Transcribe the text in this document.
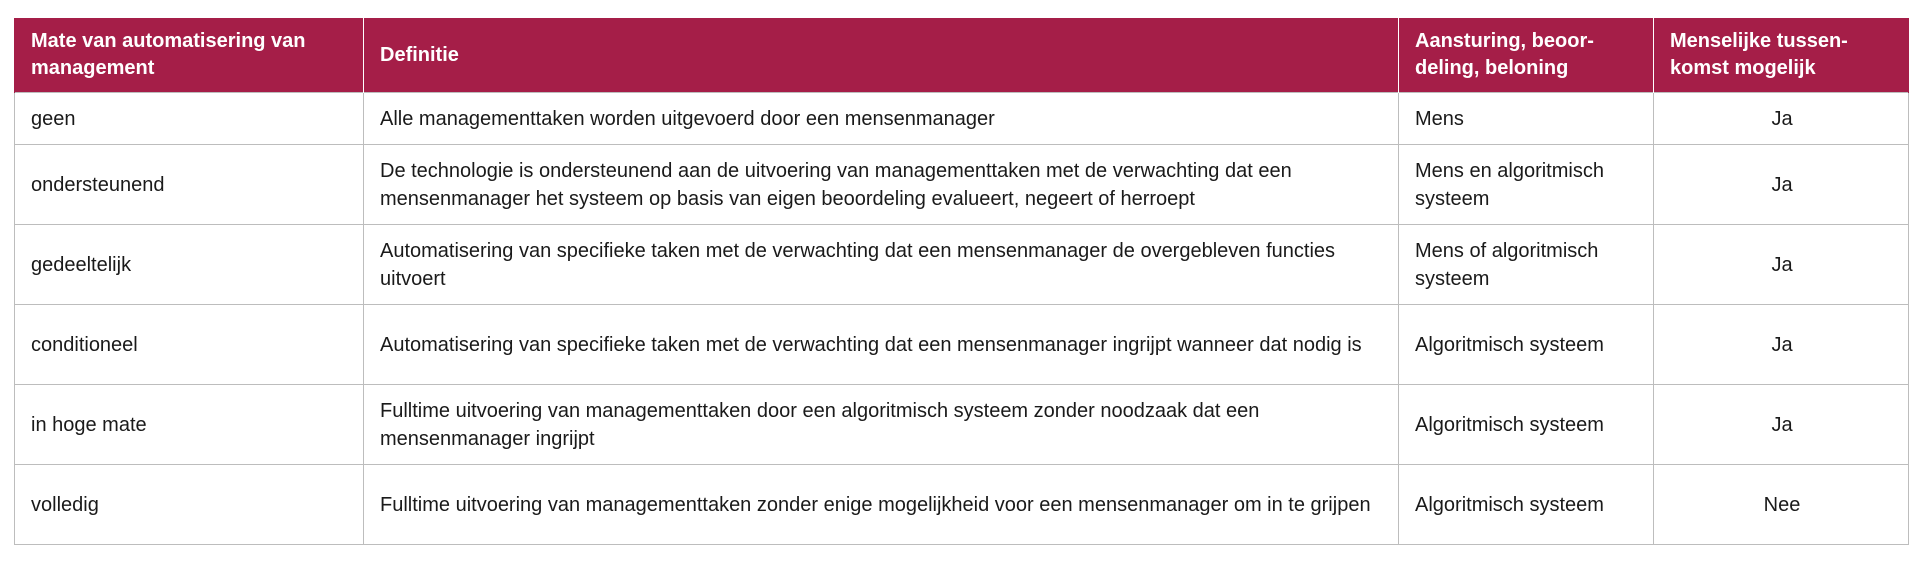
Mate van automatisering van management	Definitie	Aansturing, beoor- deling, beloning	Menselijke tussen- komst mogelijk
geen	Alle managementtaken worden uitgevoerd door een mensenmanager	Mens	Ja
ondersteunend	De technologie is ondersteunend aan de uitvoering van managementtaken met de verwachting dat een mensenmanager het systeem op basis van eigen beoordeling evalueert, negeert of herroept	Mens en algoritmisch systeem	Ja
gedeeltelijk	Automatisering van specifieke taken met de verwachting dat een mensenmanager de overgebleven functies uitvoert	Mens of algoritmisch systeem	Ja
conditioneel	Automatisering van specifieke taken met de verwachting dat een mensenmanager ingrijpt wanneer dat nodig is	Algoritmisch systeem	Ja
in hoge mate	Fulltime uitvoering van managementtaken door een algoritmisch systeem zonder noodzaak dat een mensenmanager ingrijpt	Algoritmisch systeem	Ja
volledig	Fulltime uitvoering van managementtaken zonder enige mogelijkheid voor een mensenmanager om in te grijpen	Algoritmisch systeem	Nee
